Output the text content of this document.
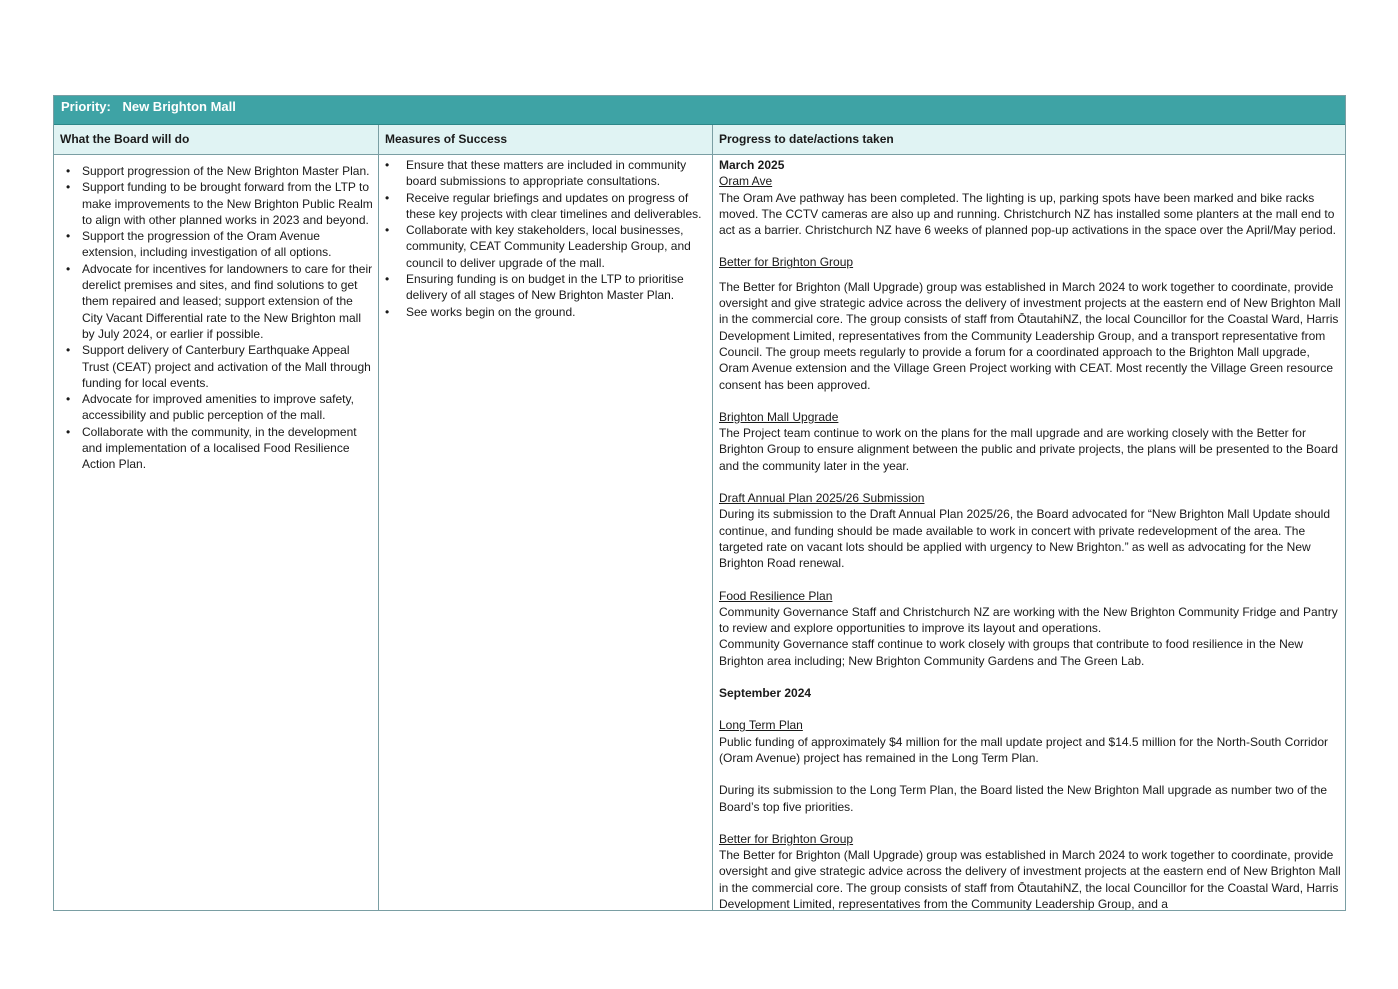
Priority: New Brighton Mall
What the Board will do	Measures of Success	Progress to date/actions taken
• Support progression of the New Brighton Master Plan.
• Support funding to be brought forward from the LTP to make improvements to the New Brighton Public Realm to align with other planned works in 2023 and beyond.
• Support the progression of the Oram Avenue extension, including investigation of all options.
• Advocate for incentives for landowners to care for their derelict premises and sites, and find solutions to get them repaired and leased; support extension of the City Vacant Differential rate to the New Brighton mall by July 2024, or earlier if possible.
• Support delivery of Canterbury Earthquake Appeal Trust (CEAT) project and activation of the Mall through funding for local events.
• Advocate for improved amenities to improve safety, accessibility and public perception of the mall.
• Collaborate with the community, in the development and implementation of a localised Food Resilience Action Plan.
• Ensure that these matters are included in community board submissions to appropriate consultations.
• Receive regular briefings and updates on progress of these key projects with clear timelines and deliverables.
• Collaborate with key stakeholders, local businesses, community, CEAT Community Leadership Group, and council to deliver upgrade of the mall.
• Ensuring funding is on budget in the LTP to prioritise delivery of all stages of New Brighton Master Plan.
• See works begin on the ground.

March 2025

Oram Ave

The Oram Ave pathway has been completed. The lighting is up, parking spots have been marked and bike racks moved. The CCTV cameras are also up and running. Christchurch NZ has installed some planters at the mall end to act as a barrier. Christchurch NZ have 6 weeks of planned pop-up activations in the space over the April/May period.

Better for Brighton Group

The Better for Brighton (Mall Upgrade) group was established in March 2024 to work together to coordinate, provide oversight and give strategic advice across the delivery of investment projects at the eastern end of New Brighton Mall in the commercial core. The group consists of staff from ŌtautahiNZ, the local Councillor for the Coastal Ward, Harris Development Limited, representatives from the Community Leadership Group, and a transport representative from Council. The group meets regularly to provide a forum for a coordinated approach to the Brighton Mall upgrade, Oram Avenue extension and the Village Green Project working with CEAT. Most recently the Village Green resource consent has been approved.

Brighton Mall Upgrade

The Project team continue to work on the plans for the mall upgrade and are working closely with the Better for Brighton Group to ensure alignment between the public and private projects, the plans will be presented to the Board and the community later in the year.

Draft Annual Plan 2025/26 Submission

During its submission to the Draft Annual Plan 2025/26, the Board advocated for “New Brighton Mall Update should continue, and funding should be made available to work in concert with private redevelopment of the area. The targeted rate on vacant lots should be applied with urgency to New Brighton.” as well as advocating for the New Brighton Road renewal.

Food Resilience Plan

Community Governance Staff and Christchurch NZ are working with the New Brighton Community Fridge and Pantry to review and explore opportunities to improve its layout and operations.

Community Governance staff continue to work closely with groups that contribute to food resilience in the New Brighton area including; New Brighton Community Gardens and The Green Lab.

September 2024

Long Term Plan

Public funding of approximately $4 million for the mall update project and $14.5 million for the North-South Corridor (Oram Avenue) project has remained in the Long Term Plan.

During its submission to the Long Term Plan, the Board listed the New Brighton Mall upgrade as number two of the Board’s top five priorities.

Better for Brighton Group

The Better for Brighton (Mall Upgrade) group was established in March 2024 to work together to coordinate, provide oversight and give strategic advice across the delivery of investment projects at the eastern end of New Brighton Mall in the commercial core. The group consists of staff from ŌtautahiNZ, the local Councillor for the Coastal Ward, Harris Development Limited, representatives from the Community Leadership Group, and a
